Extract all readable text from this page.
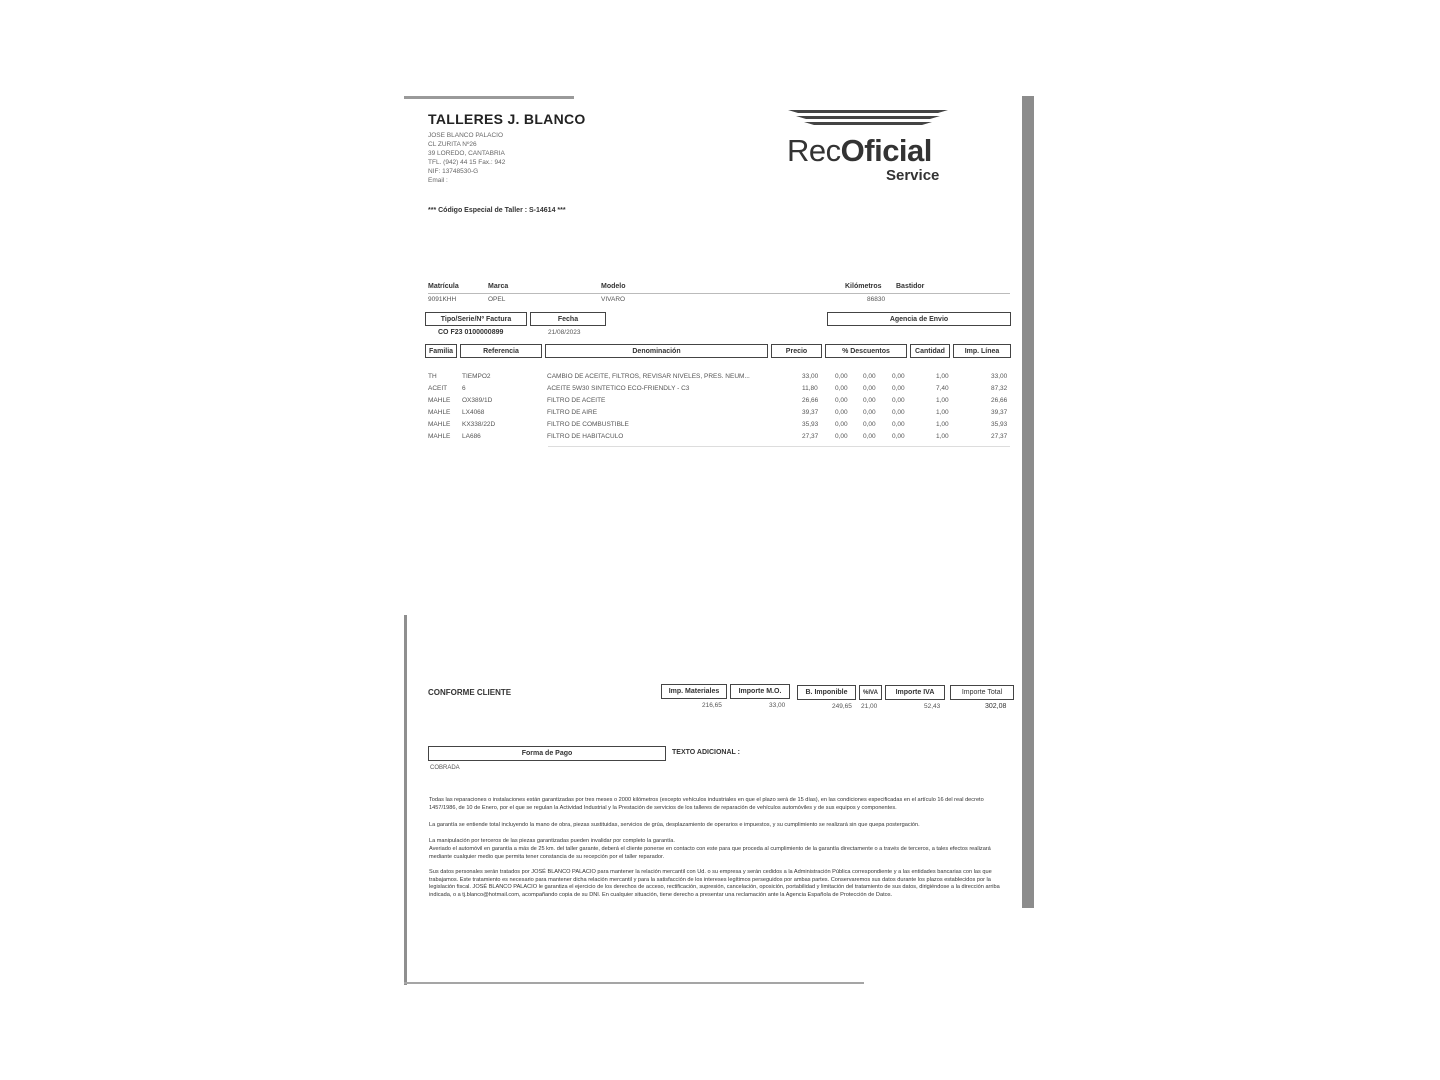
TALLERES J. BLANCO
JOSE BLANCO PALACIO
CL ZURITA Nº26
39 LOREDO, CANTABRIA
TFL. (942) 44 15 Fax.: 942
NIF: 13748530-G
Email :
*** Código Especial de Taller : S-14614 ***
RecOficial
Service
Matrícula	Marca	Modelo	Kilómetros Bastidor
9091KHH	OPEL	VIVARO	86830
Tipo/Serie/Nº Factura	Fecha	Agencia de Envio
CO F23 0100000899	21/08/2023
Familia	Referencia	Denominación	Precio	% Descuentos	Cantidad	Imp. Línea
TH	TIEMPO2	CAMBIO DE ACEITE, FILTROS, REVISAR NIVELES, PRES. NEUM...	33,00	0,00 0,00	0,00	1,00	33,00
ACEIT 6	ACEITE 5W30 SINTETICO ECO-FRIENDLY - C3	11,80	0,00 0,00	0,00	7,40	87,32
MAHLE OX389/1D	FILTRO DE ACEITE	26,66	0,00 0,00	0,00	1,00	26,66
MAHLE LX4068	FILTRO DE AIRE	39,37	0,00 0,00	0,00	1,00	39,37
MAHLE KX338/22D	FILTRO DE COMBUSTIBLE	35,93	0,00 0,00	0,00	1,00	35,93
MAHLE LA686	FILTRO DE HABITACULO	27,37	0,00 0,00	0,00	1,00	27,37
CONFORME CLIENTE	Imp. Materiales	Importe M.O.	B. Imponible	%IVA	Importe IVA	Importe Total
216,65	33,00	249,65 21,00	52,43	302,08
Forma de Pago	TEXTO ADICIONAL :
COBRADA
Todas las reparaciones o instalaciones están garantizadas por tres meses o 2000 kilómetros (excepto vehículos industriales en que el plazo será de 15 días), en las condiciones especificadas en el artículo 16 del real decreto 1457/1986, de 10 de Enero, por el que se regulan la Actividad Industrial y la Prestación de servicios de los talleres de reparación de vehículos automóviles y de sus equipos y componentes.
La garantía se entiende total incluyendo la mano de obra, piezas sustituidas, servicios de grúa, desplazamiento de operarios e impuestos, y su cumplimiento se realizará sin que quepa postergación.
La manipulación por terceros de las piezas garantizadas pueden invalidar por completo la garantía.
Averiado el automóvil en garantía a más de 25 km. del taller garante, deberá el cliente ponerse en contacto con este para que proceda al cumplimiento de la garantía directamente o a través de terceros, a tales efectos realizará mediante cualquier medio que permita tener constancia de su recepción por el taller reparador.
Sus datos personales serán tratados por JOSÉ BLANCO PALACIO para mantener la relación mercantil con Ud. o su empresa y serán cedidos a la Administración Pública correspondiente y a las entidades bancarias con las que trabajamos. Este tratamiento es necesario para mantener dicha relación mercantil y para la satisfacción de los intereses legítimos perseguidos por ambas partes. Conservaremos sus datos durante los plazos establecidos por la legislación fiscal. JOSÉ BLANCO PALACIO le garantiza el ejercicio de los derechos de acceso, rectificación, supresión, cancelación, oposición, portabilidad y limitación del tratamiento de sus datos, dirigiéndose a la dirección arriba indicada, o a tj.blanco@hotmail.com, acompañando copia de su DNI. En cualquier situación, tiene derecho a presentar una reclamación ante la Agencia Española de Protección de Datos.
